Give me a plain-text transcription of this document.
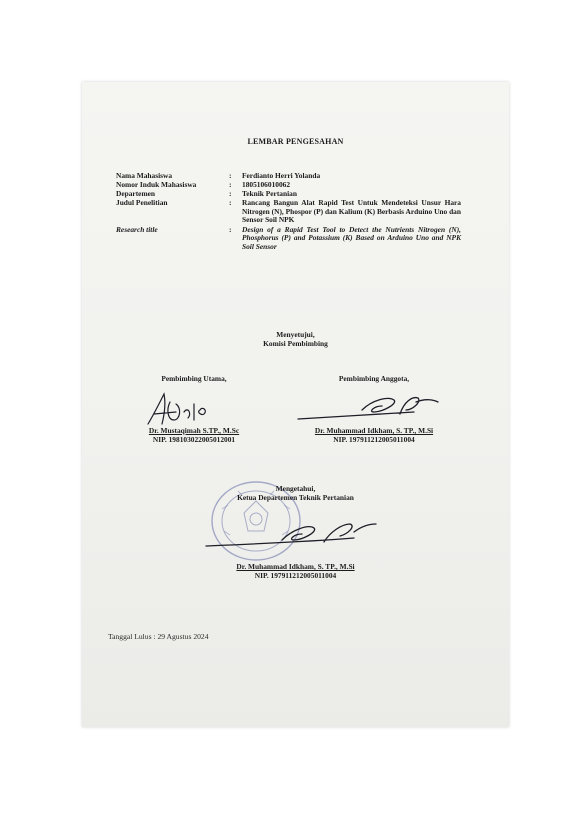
LEMBAR PENGESAHAN
Nama Mahasiswa	:	Ferdianto Herri Yolanda
Nomor Induk Mahasiswa	:	1805106010062
Departemen	:	Teknik Pertanian
Judul Penelitian	:	Rancang Bangun Alat Rapid Test Untuk Mendeteksi Unsur Hara Nitrogen (N), Phospor (P) dan Kalium (K) Berbasis Arduino Uno dan Sensor Soil NPK
Research title	:	Design of a Rapid Test Tool to Detect the Nutrients Nitrogen (N), Phosphorus (P) and Potassium (K) Based on Arduino Uno and NPK Soil Sensor
Menyetujui,
Komisi Pembimbing
Pembimbing Utama,
Dr. Mustaqimah S.TP., M.Sc
NIP. 198103022005012001
Pembimbing Anggota,
Dr. Muhammad Idkham, S. TP., M.Si
NIP. 197911212005011004
Mengetahui,
Ketua Departemen Teknik Pertanian
Dr. Muhammad Idkham, S. TP., M.Si
NIP. 197911212005011004
Tanggal Lulus : 29 Agustus 2024
